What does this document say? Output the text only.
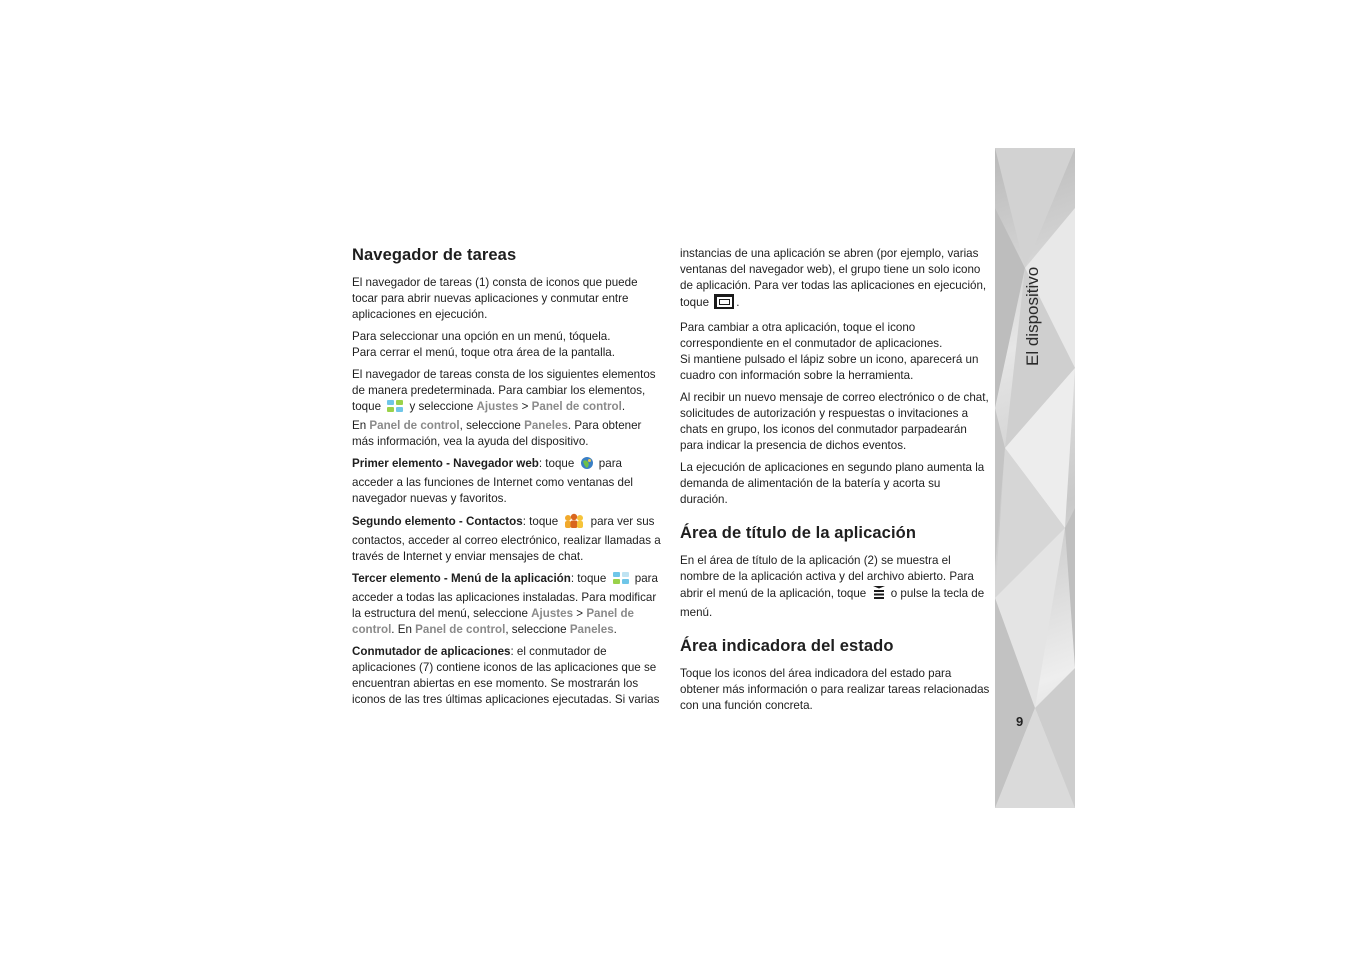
Navegador de tareas

El navegador de tareas (1) consta de iconos que puede tocar para abrir nuevas aplicaciones y conmutar entre aplicaciones en ejecución.

Para seleccionar una opción en un menú, tóquela.
Para cerrar el menú, toque otra área de la pantalla.

El navegador de tareas consta de los siguientes elementos de manera predeterminada. Para cambiar los elementos, toque y seleccione Ajustes > Panel de control.
En Panel de control, seleccione Paneles. Para obtener más información, vea la ayuda del dispositivo.

Primer elemento - Navegador web: toque para acceder a las funciones de Internet como ventanas del navegador nuevas y favoritos.

Segundo elemento - Contactos: toque	para ver sus contactos, acceder al correo electrónico, realizar llamadas a través de Internet y enviar mensajes de chat.

Tercer elemento - Menú de la aplicación: toque para acceder a todas las aplicaciones instaladas. Para modificar la estructura del menú, seleccione Ajustes > Panel de control. En Panel de control, seleccione Paneles.

Conmutador de aplicaciones: el conmutador de aplicaciones (7) contiene iconos de las aplicaciones que se encuentran abiertas en ese momento. Se mostrarán los iconos de las tres últimas aplicaciones ejecutadas. Si varias

instancias de una aplicación se abren (por ejemplo, varias ventanas del navegador web), el grupo tiene un solo icono de aplicación. Para ver todas las aplicaciones en ejecución, toque .

Para cambiar a otra aplicación, toque el icono correspondiente en el conmutador de aplicaciones.
Si mantiene pulsado el lápiz sobre un icono, aparecerá un cuadro con información sobre la herramienta.

Al recibir un nuevo mensaje de correo electrónico o de chat, solicitudes de autorización y respuestas o invitaciones a chats en grupo, los iconos del conmutador parpadearán para indicar la presencia de dichos eventos.

La ejecución de aplicaciones en segundo plano aumenta la demanda de alimentación de la batería y acorta su duración.

Área de título de la aplicación

En el área de título de la aplicación (2) se muestra el nombre de la aplicación activa y del archivo abierto. Para abrir el menú de la aplicación, toque o pulse la tecla de menú.

Área indicadora del estado

Toque los iconos del área indicadora del estado para obtener más información o para realizar tareas relacionadas con una función concreta.

El dispositivo
9
